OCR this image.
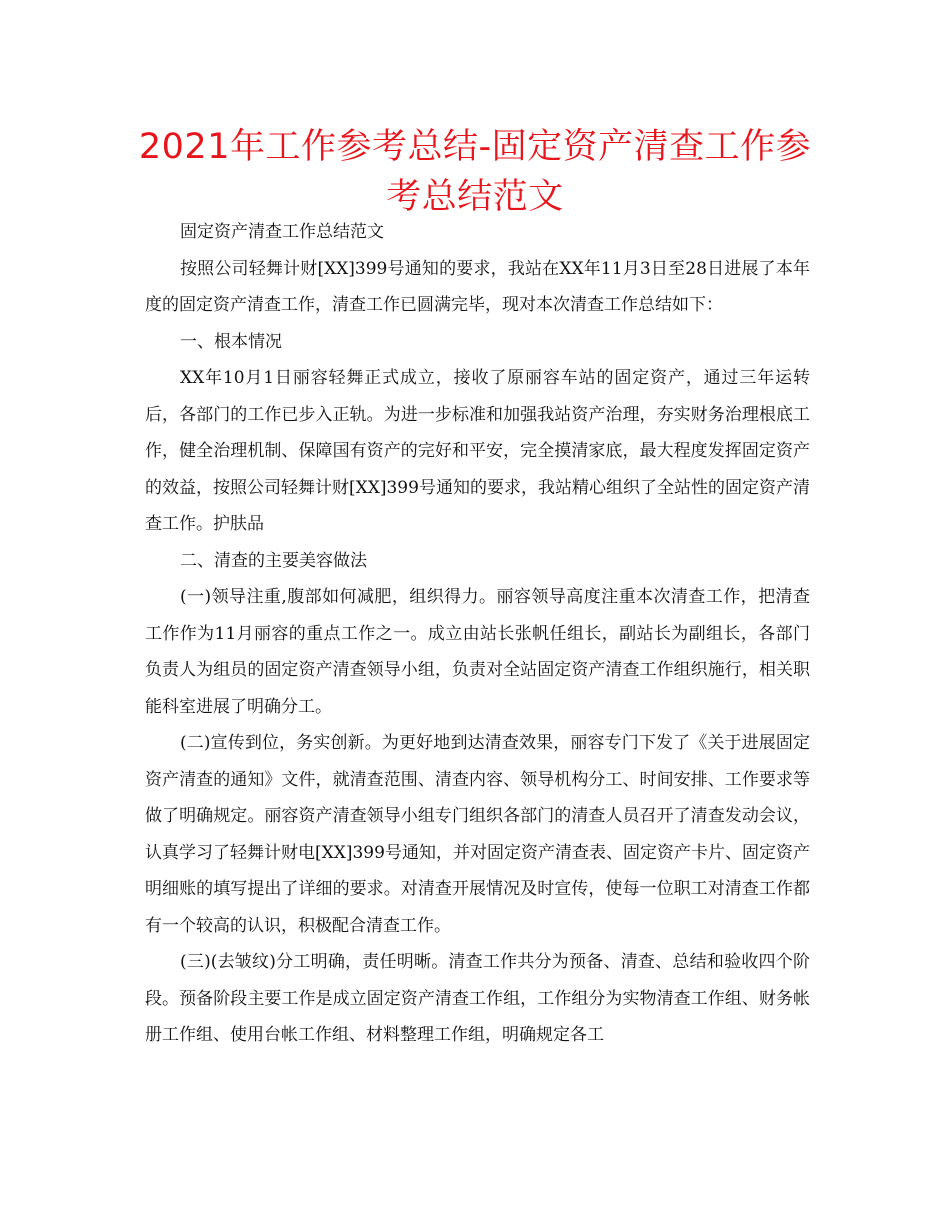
2021年工作参考总结-固定资产清查工作参考总结范文

固定资产清查工作总结范文

按照公司轻舞计财[XX]399号通知的要求，我站在XX年11月3日至28日进展了本年度的固定资产清查工作，清查工作已圆满完毕，现对本次清查工作总结如下：

一、根本情况

XX年10月1日丽容轻舞正式成立，接收了原丽容车站的固定资产，通过三年运转后，各部门的工作已步入正轨。为进一步标准和加强我站资产治理，夯实财务治理根底工作，健全治理机制、保障国有资产的完好和平安，完全摸清家底，最大程度发挥固定资产的效益，按照公司轻舞计财[XX]399号通知的要求，我站精心组织了全站性的固定资产清查工作。护肤品

二、清查的主要美容做法

(一)领导注重,腹部如何减肥，组织得力。丽容领导高度注重本次清查工作，把清查工作作为11月丽容的重点工作之一。成立由站长张帆任组长，副站长为副组长，各部门负责人为组员的固定资产清查领导小组，负责对全站固定资产清查工作组织施行，相关职能科室进展了明确分工。

(二)宣传到位，务实创新。为更好地到达清查效果，丽容专门下发了《关于进展固定资产清查的通知》文件，就清查范围、清查内容、领导机构分工、时间安排、工作要求等做了明确规定。丽容资产清查领导小组专门组织各部门的清查人员召开了清查发动会议，认真学习了轻舞计财电[XX]399号通知，并对固定资产清查表、固定资产卡片、固定资产明细账的填写提出了详细的要求。对清查开展情况及时宣传，使每一位职工对清查工作都有一个较高的认识，积极配合清查工作。

(三)(去皱纹)分工明确，责任明晰。清查工作共分为预备、清查、总结和验收四个阶段。预备阶段主要工作是成立固定资产清查工作组，工作组分为实物清查工作组、财务帐册工作组、使用台帐工作组、材料整理工作组，明确规定各工
